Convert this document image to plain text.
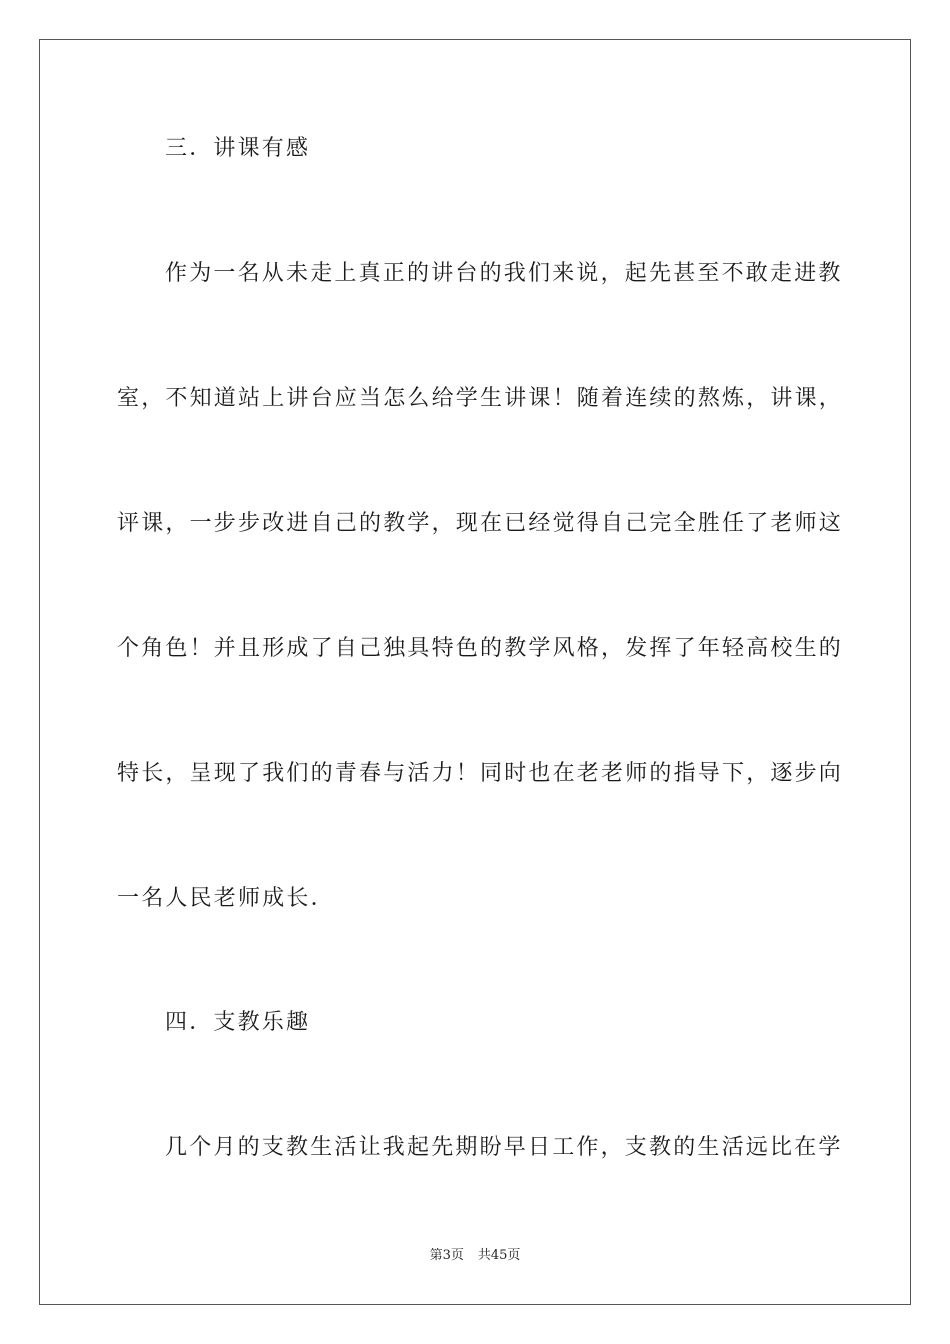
三．讲课有感
作为一名从未走上真正的讲台的我们来说，起先甚至不敢走进教
室，不知道站上讲台应当怎么给学生讲课！随着连续的熬炼，讲课，
评课，一步步改进自己的教学，现在已经觉得自己完全胜任了老师这
个角色！并且形成了自己独具特色的教学风格，发挥了年轻高校生的
特长，呈现了我们的青春与活力！同时也在老老师的指导下，逐步向
一名人民老师成长．
四．支教乐趣
几个月的支教生活让我起先期盼早日工作，支教的生活远比在学
第3页 共45页
